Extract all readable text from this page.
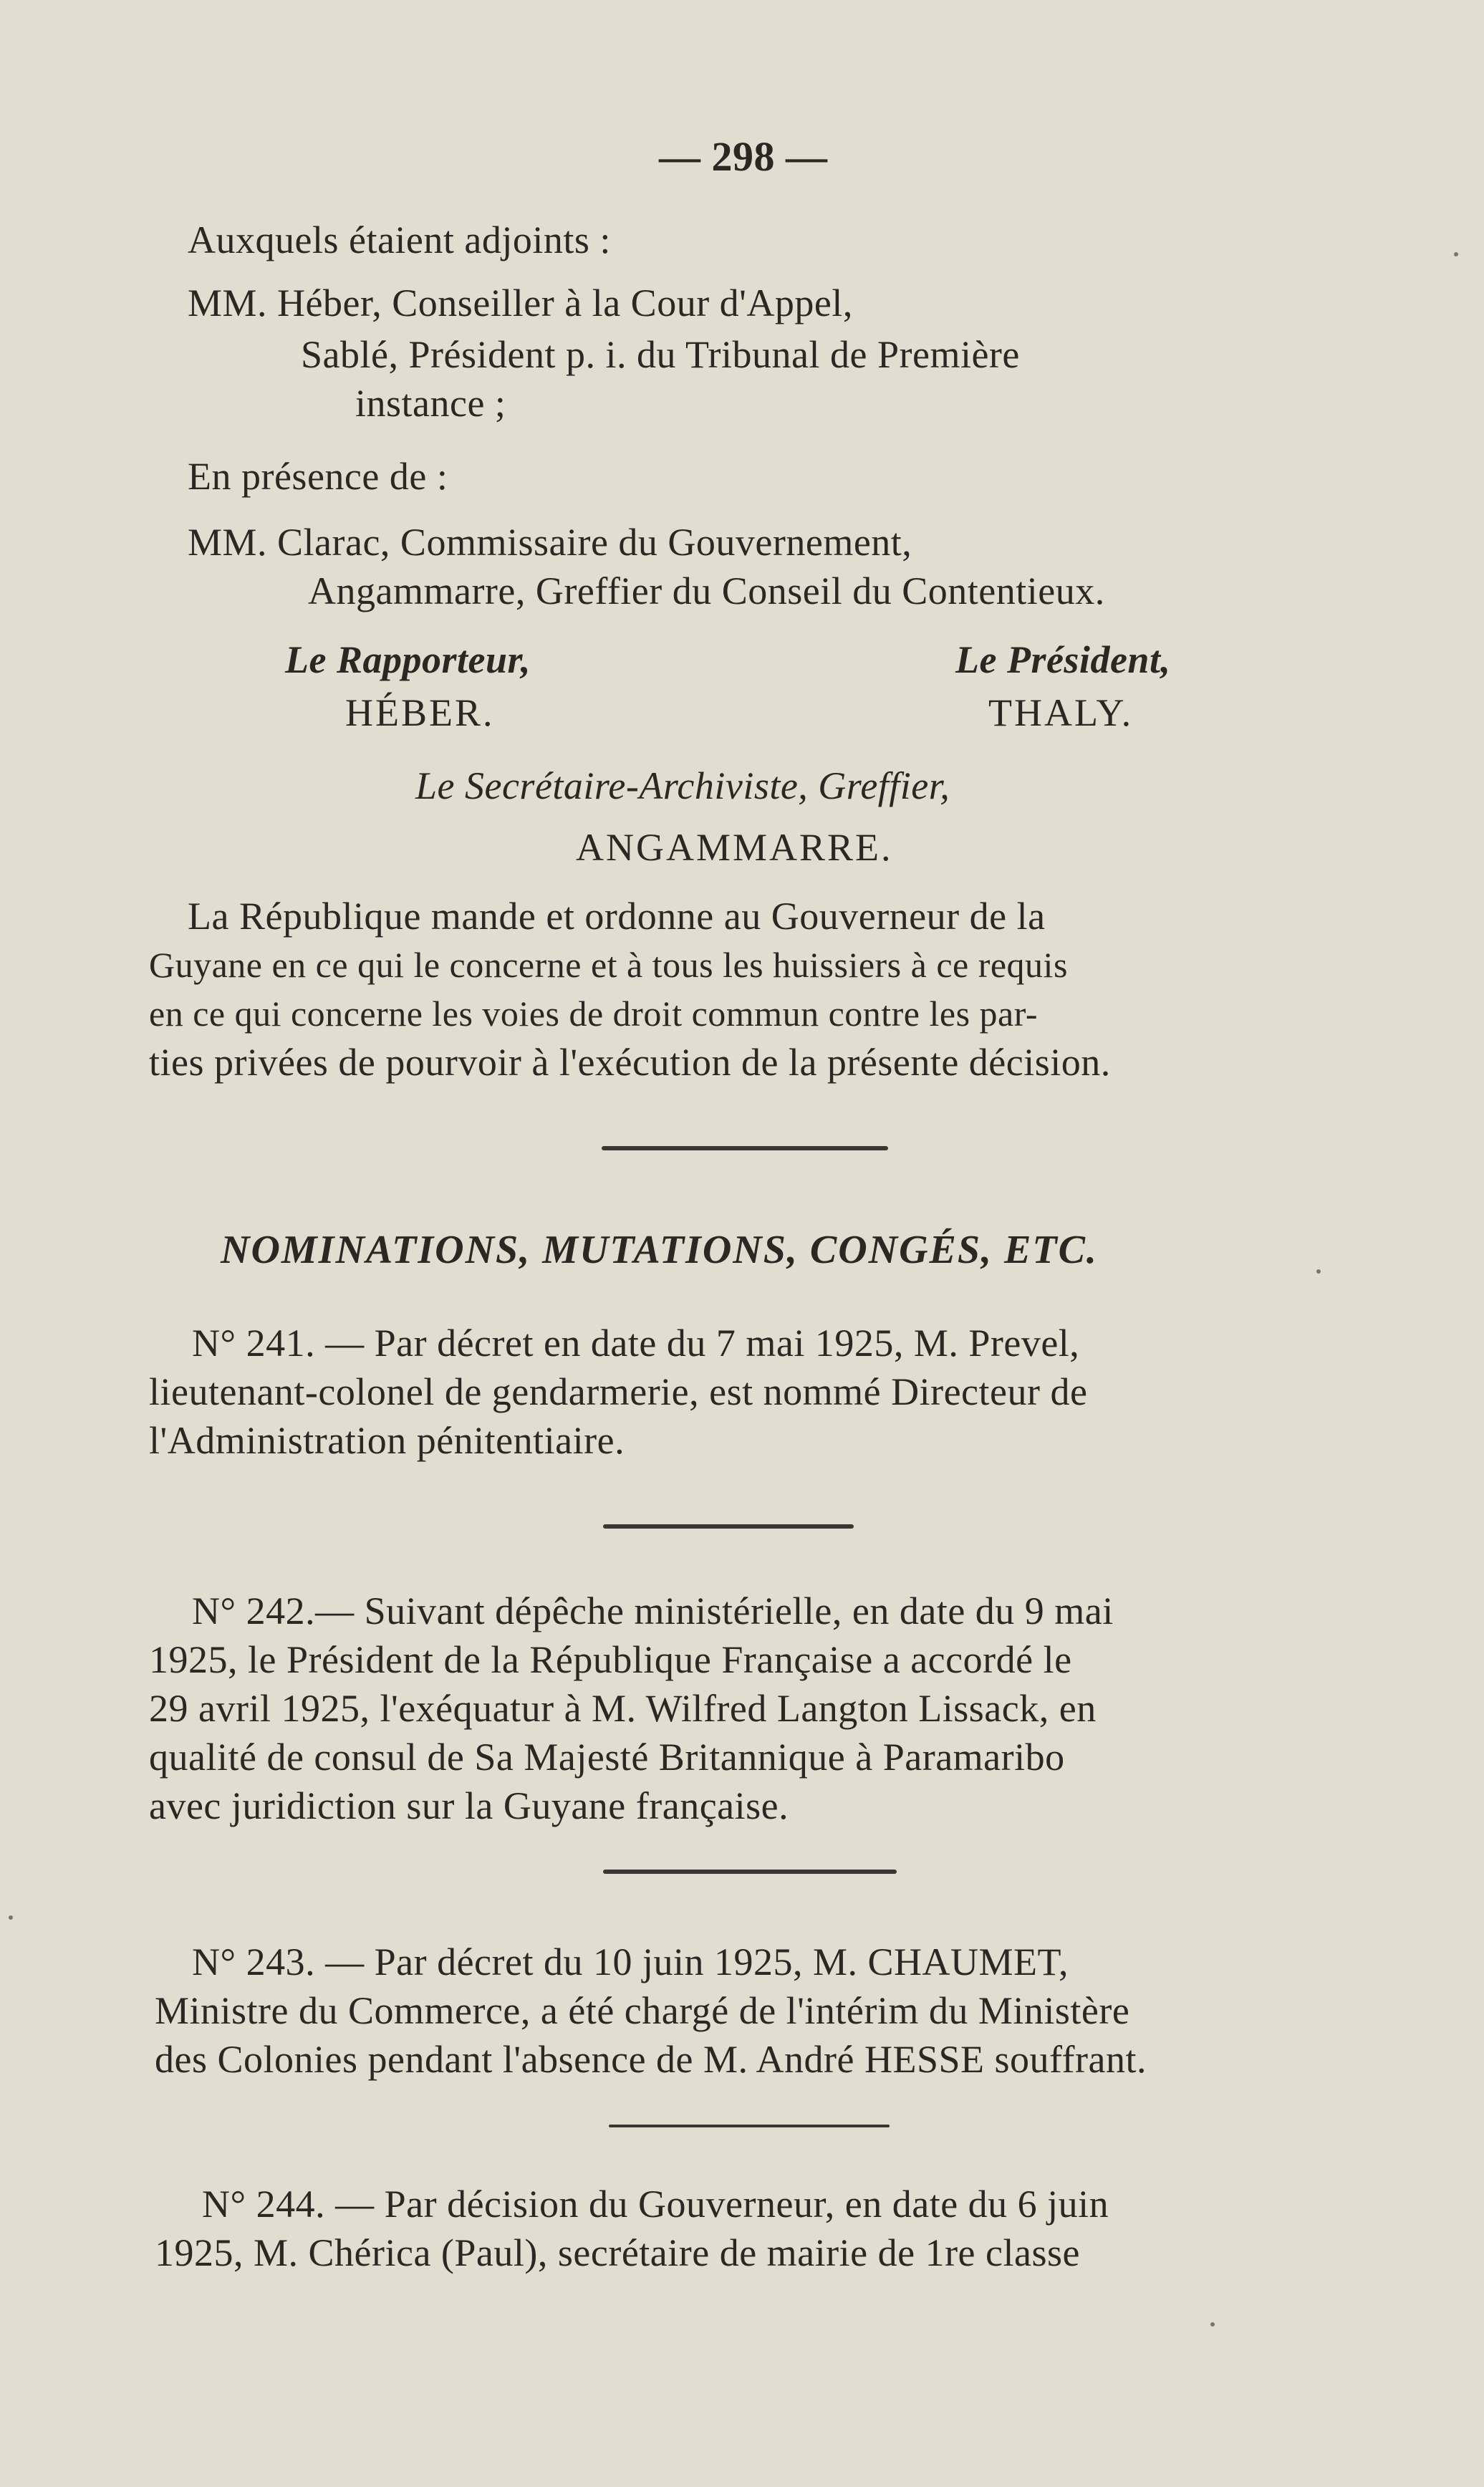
— 298 —
Auxquels étaient adjoints :
MM. Héber, Conseiller à la Cour d'Appel,
Sablé, Président p. i. du Tribunal de Première
instance ;
En présence de :
MM. Clarac, Commissaire du Gouvernement,
Angammarre, Greffier du Conseil du Contentieux.
Le Rapporteur,
HÉBER.
Le Président,
THALY.
Le Secrétaire-Archiviste, Greffier,
ANGAMMARRE.
La République mande et ordonne au Gouverneur de la
Guyane en ce qui le concerne et à tous les huissiers à ce requis
en ce qui concerne les voies de droit commun contre les par-
ties privées de pourvoir à l'exécution de la présente décision.
NOMINATIONS, MUTATIONS, CONGÉS, ETC.
N° 241. — Par décret en date du 7 mai 1925, M. Prevel,
lieutenant-colonel de gendarmerie, est nommé Directeur de
l'Administration pénitentiaire.
N° 242.— Suivant dépêche ministérielle, en date du 9 mai
1925, le Président de la République Française a accordé le
29 avril 1925, l'exéquatur à M. Wilfred Langton Lissack, en
qualité de consul de Sa Majesté Britannique à Paramaribo
avec juridiction sur la Guyane française.
N° 243. — Par décret du 10 juin 1925, M. CHAUMET,
Ministre du Commerce, a été chargé de l'intérim du Ministère
des Colonies pendant l'absence de M. André HESSE souffrant.
N° 244. — Par décision du Gouverneur, en date du 6 juin
1925, M. Chérica (Paul), secrétaire de mairie de 1re classe
